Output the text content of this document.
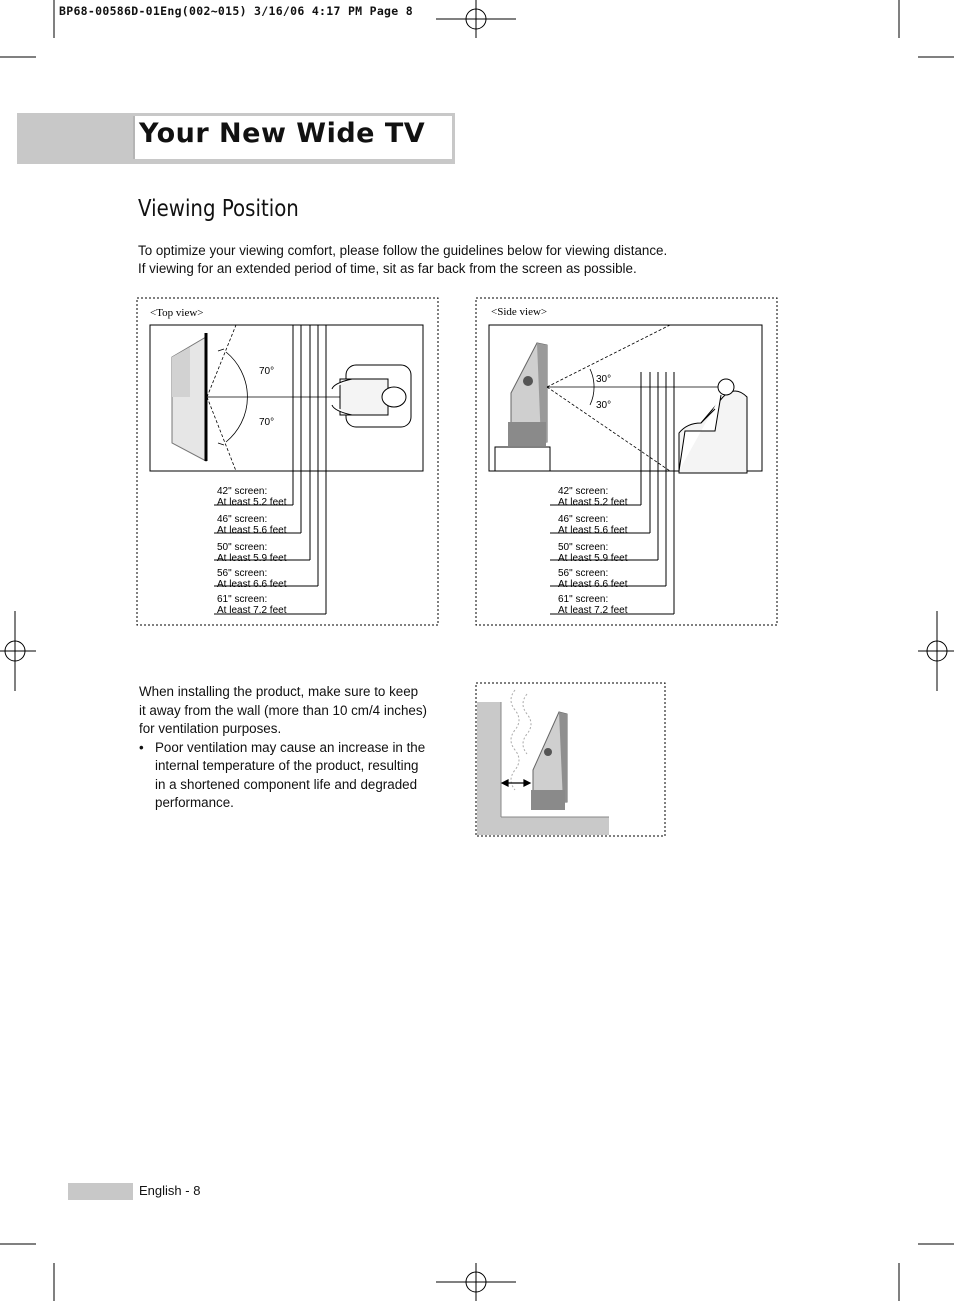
BP68-00586D-01Eng(002~015) 3/16/06 4:17 PM Page 8
Your New Wide TV
Viewing Position
To optimize your viewing comfort, please follow the guidelines below for viewing distance.
If viewing for an extended period of time, sit as far back from the screen as possible.
<Top view>
70°
70°
42" screen:
At least 5.2 feet
46" screen:
At least 5.6 feet
50" screen:
At least 5.9 feet
56" screen:
At least 6.6 feet
61" screen:
At least 7.2 feet
<Side view>
30°
30°
42" screen:
At least 5.2 feet
46" screen:
At least 5.6 feet
50" screen:
At least 5.9 feet
56" screen:
At least 6.6 feet
61" screen:
At least 7.2 feet
When installing the product, make sure to keep
it away from the wall (more than 10 cm/4 inches)
for ventilation purposes.
• Poor ventilation may cause an increase in the
internal temperature of the product, resulting
in a shortened component life and degraded
performance.
English - 8
